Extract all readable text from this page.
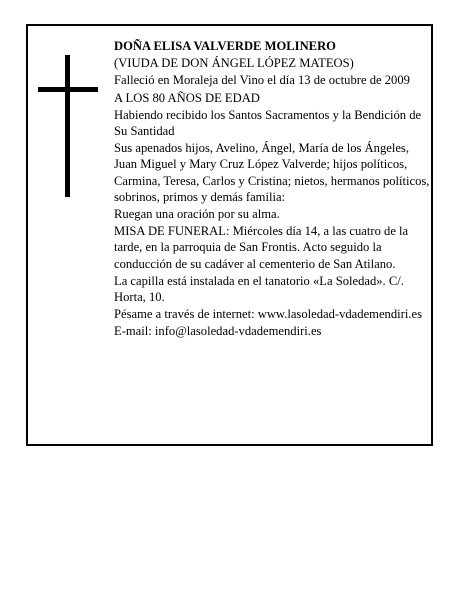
DOÑA ELISA VALVERDE MOLINERO

(VIUDA DE DON ÁNGEL LÓPEZ MATEOS)

Falleció en Moraleja del Vino el día 13 de octubre de 2009

A LOS 80 AÑOS DE EDAD

Habiendo recibido los Santos Sacramentos y la Bendición de Su Santidad

Sus apenados hijos, Avelino, Ángel, María de los Ángeles, Juan Miguel y Mary Cruz López Valverde; hijos políticos, Carmina, Teresa, Carlos y Cristina; nietos, hermanos políticos, sobrinos, primos y demás familia:

Ruegan una oración por su alma.

MISA DE FUNERAL: Miércoles día 14, a las cuatro de la tarde, en la parroquia de San Frontis. Acto seguido la conducción de su cadáver al cementerio de San Atilano.

La capilla está instalada en el tanatorio «La Soledad». C/. Horta, 10.

Pésame a través de internet: www.lasoledad-vdademendiri.es

E-mail: info@lasoledad-vdademendiri.es
